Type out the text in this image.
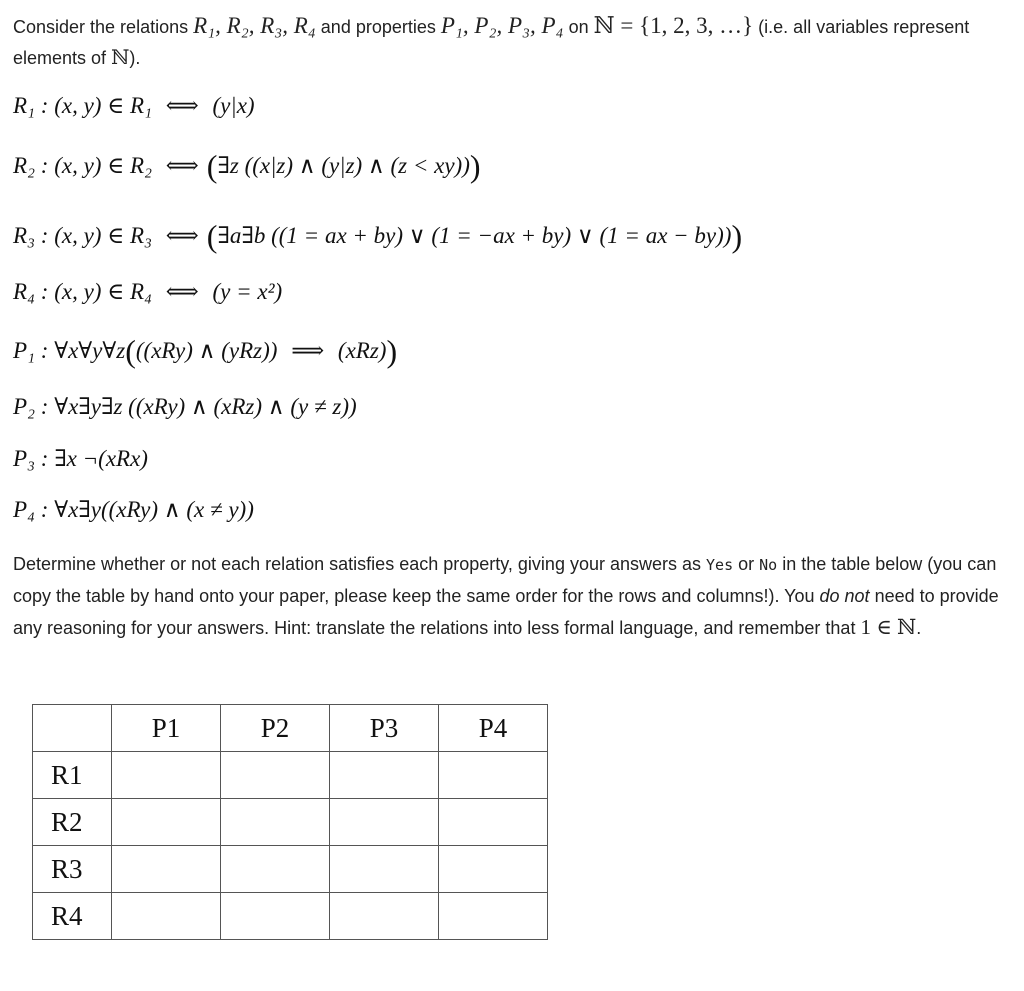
Consider the relations R₁, R₂, R₃, R₄ and properties P₁, P₂, P₃, P₄ on ℕ = {1, 2, 3, …} (i.e. all variables represent elements of ℕ).
R₁ : (x, y) ∈ R₁ ⟺ (y|x)
R₂ : (x, y) ∈ R₂ ⟺ (∃z ((x|z) ∧ (y|z) ∧ (z < xy)))
R₃ : (x, y) ∈ R₃ ⟺ (∃a∃b ((1 = ax + by) ∨ (1 = −ax + by) ∨ (1 = ax − by)))
R₄ : (x, y) ∈ R₄ ⟺ (y = x²)
P₁ : ∀x∀y∀z(((xRy) ∧ (yRz)) ⟹ (xRz))
P₂ : ∀x∃y∃z ((xRy) ∧ (xRz) ∧ (y ≠ z))
P₃ : ∃x ¬(xRx)
P₄ : ∀x∃y((xRy) ∧ (x ≠ y))
Determine whether or not each relation satisfies each property, giving your answers as Yes or No in the table below (you can copy the table by hand onto your paper, please keep the same order for the rows and columns!). You do not need to provide any reasoning for your answers. Hint: translate the relations into less formal language, and remember that 1 ∈ ℕ.
	P1	P2	P3	P4
R1				
R2				
R3				
R4				
